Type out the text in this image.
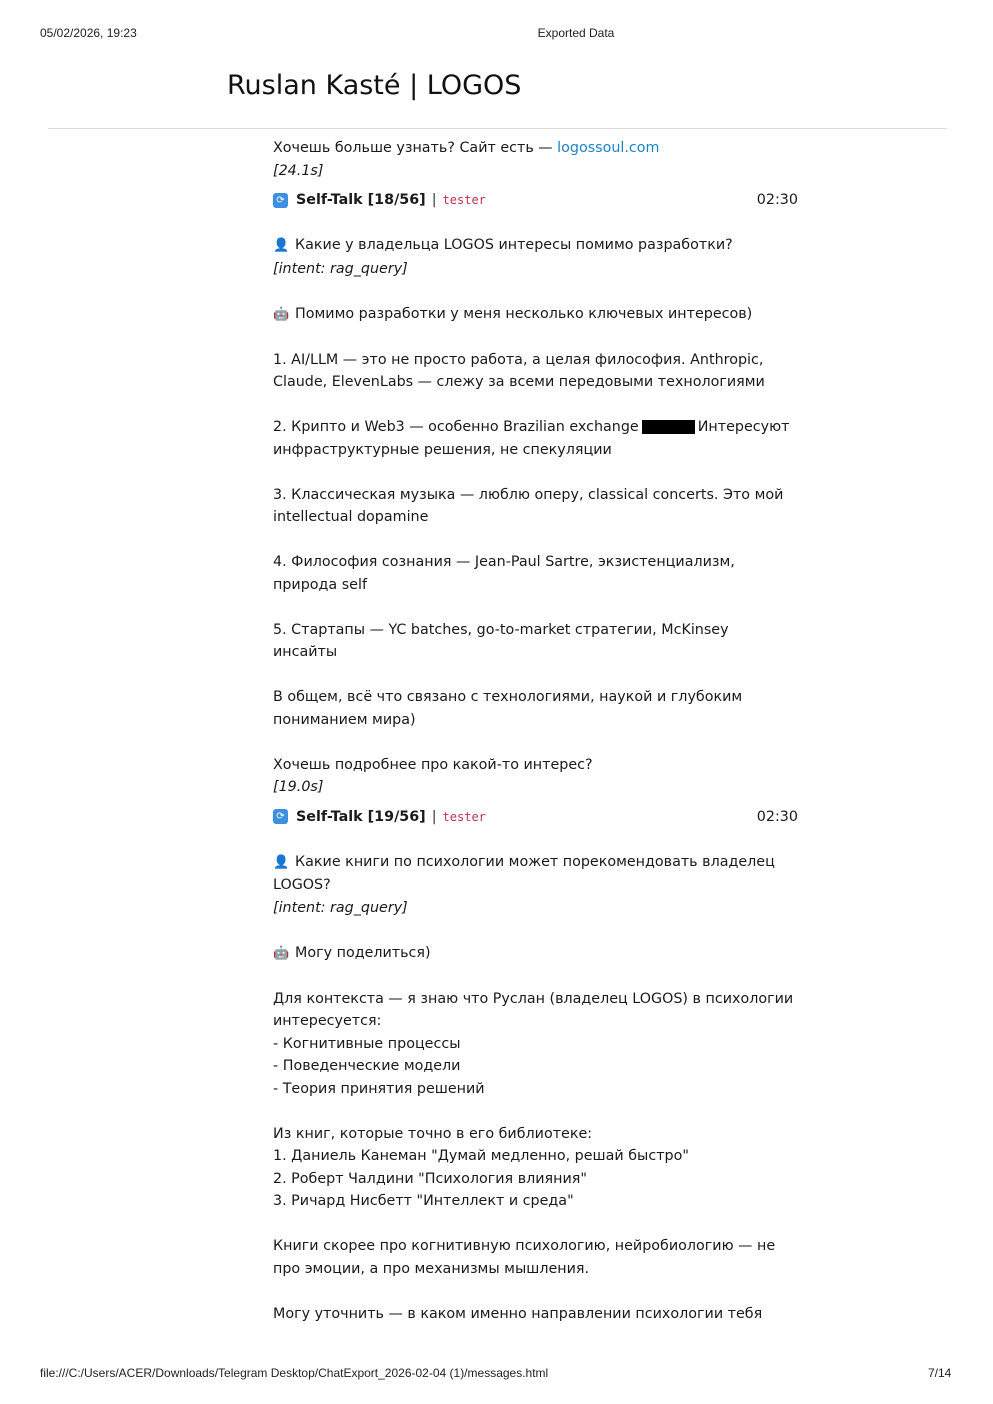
05/02/2026, 19:23	Exported Data
Ruslan Kasté | LOGOS
Хочешь больше узнать? Сайт есть — logossoul.com
[24.1s]
⟳ Self-Talk [18/56] | tester	02:30
👤 Какие у владельца LOGOS интересы помимо разработки?
[intent: rag_query]
🤖 Помимо разработки у меня несколько ключевых интересов)
1. AI/LLM — это не просто работа, а целая философия. Anthropic,
Claude, ElevenLabs — слежу за всеми передовыми технологиями
2. Крипто и Web3 — особенно Brazilian exchange	Интересуют
инфраструктурные решения, не спекуляции
3. Классическая музыка — люблю оперу, classical concerts. Это мой
intellectual dopamine
4. Философия сознания — Jean-Paul Sartre, экзистенциализм,
природа self
5. Стартапы — YC batches, go-to-market стратегии, McKinsey
инсайты
В общем, всё что связано с технологиями, наукой и глубоким
пониманием мира)
Хочешь подробнее про какой-то интерес?
[19.0s]
⟳ Self-Talk [19/56] | tester	02:30
👤 Какие книги по психологии может порекомендовать владелец
LOGOS?
[intent: rag_query]
🤖 Могу поделиться)
Для контекста — я знаю что Руслан (владелец LOGOS) в психологии
интересуется:
- Когнитивные процессы
- Поведенческие модели
- Теория принятия решений
Из книг, которые точно в его библиотеке:
1. Даниель Канеман "Думай медленно, решай быстро"
2. Роберт Чалдини "Психология влияния"
3. Ричард Нисбетт "Интеллект и среда"
Книги скорее про когнитивную психологию, нейробиологию — не
про эмоции, а про механизмы мышления.
Могу уточнить — в каком именно направлении психологии тебя
file:///C:/Users/ACER/Downloads/Telegram Desktop/ChatExport_2026-02-04 (1)/messages.html	7/14
